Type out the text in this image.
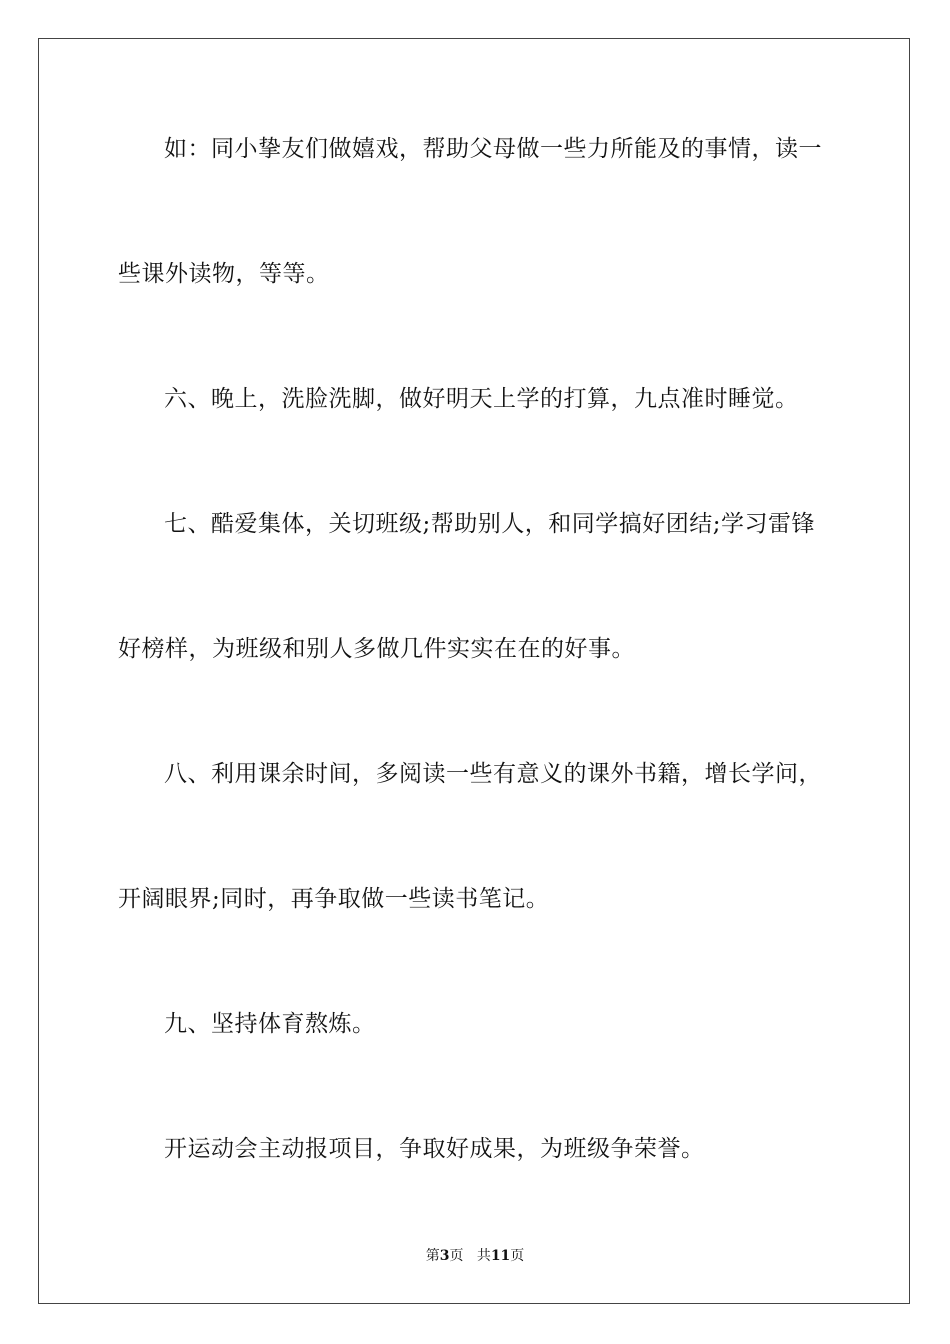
如：同小挚友们做嬉戏，帮助父母做一些力所能及的事情，读一
些课外读物，等等。
六、晚上，洗脸洗脚，做好明天上学的打算，九点准时睡觉。
七、酷爱集体，关切班级;帮助别人，和同学搞好团结;学习雷锋
好榜样，为班级和别人多做几件实实在在的好事。
八、利用课余时间，多阅读一些有意义的课外书籍，增长学问，
开阔眼界;同时，再争取做一些读书笔记。
九、坚持体育熬炼。
开运动会主动报项目，争取好成果，为班级争荣誉。
第3页 共11页
